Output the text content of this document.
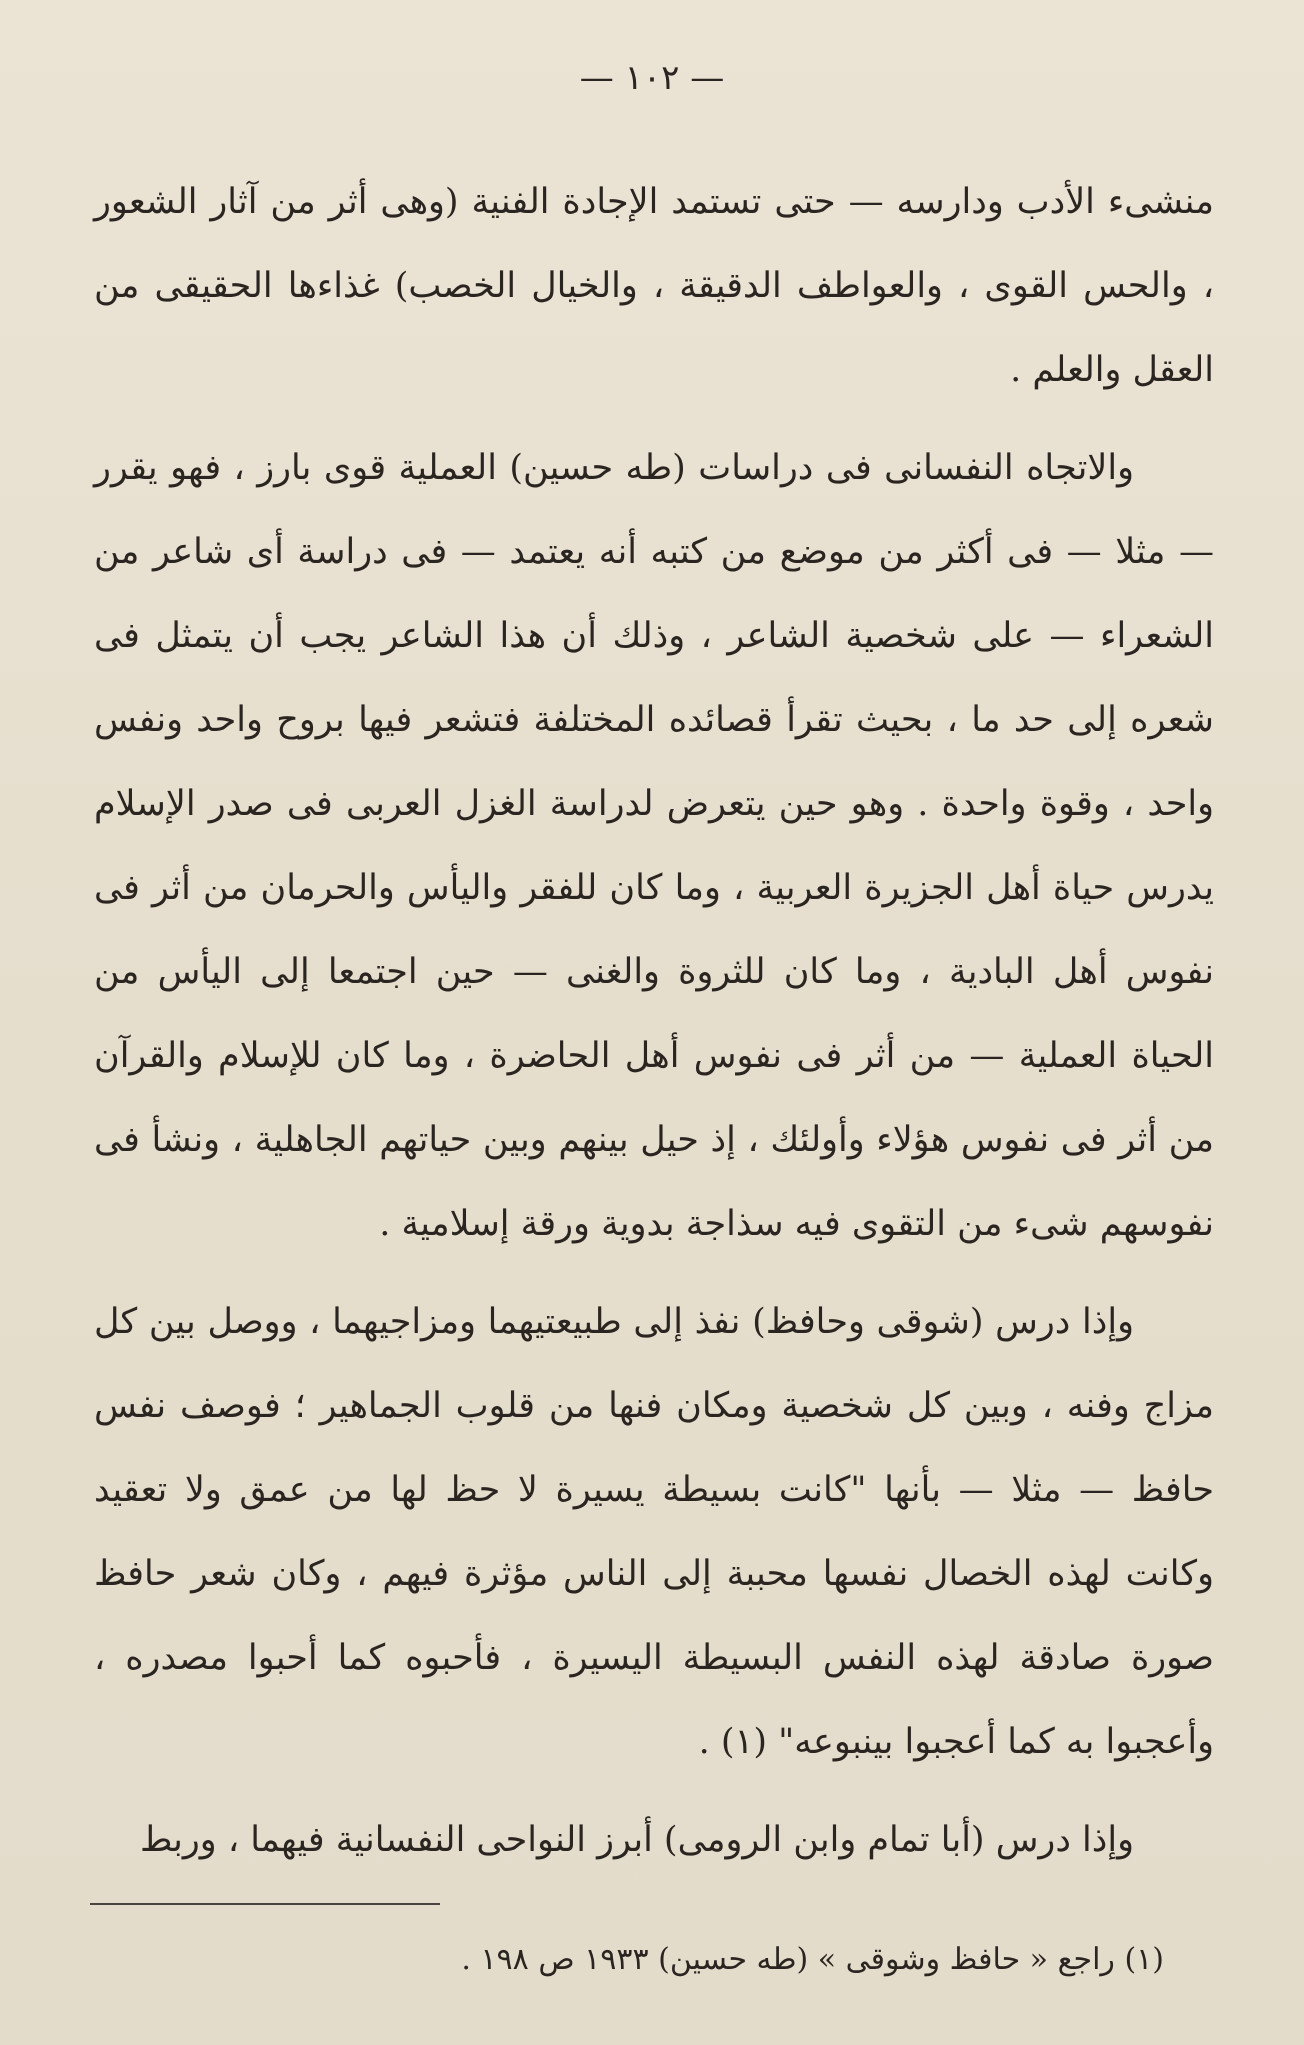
— ١٠٢ —

منشىء الأدب ودارسه — حتى تستمد الإجادة الفنية (وهى أثر من آثار الشعور ، والحس القوى ، والعواطف الدقيقة ، والخيال الخصب) غذاءها الحقيقى من العقل والعلم .

والاتجاه النفسانى فى دراسات (طه حسين) العملية قوى بارز ، فهو يقرر — مثلا — فى أكثر من موضع من كتبه أنه يعتمد — فى دراسة أى شاعر من الشعراء — على شخصية الشاعر ، وذلك أن هذا الشاعر يجب أن يتمثل فى شعره إلى حد ما ، بحيث تقرأ قصائده المختلفة فتشعر فيها بروح واحد ونفس واحد ، وقوة واحدة . وهو حين يتعرض لدراسة الغزل العربى فى صدر الإسلام يدرس حياة أهل الجزيرة العربية ، وما كان للفقر واليأس والحرمان من أثر فى نفوس أهل البادية ، وما كان للثروة والغنى — حين اجتمعا إلى اليأس من الحياة العملية — من أثر فى نفوس أهل الحاضرة ، وما كان للإسلام والقرآن من أثر فى نفوس هؤلاء وأولئك ، إذ حيل بينهم وبين حياتهم الجاهلية ، ونشأ فى نفوسهم شىء من التقوى فيه سذاجة بدوية ورقة إسلامية .

وإذا درس (شوقى وحافظ) نفذ إلى طبيعتيهما ومزاجيهما ، ووصل بين كل مزاج وفنه ، وبين كل شخصية ومكان فنها من قلوب الجماهير ؛ فوصف نفس حافظ — مثلا — بأنها "كانت بسيطة يسيرة لا حظ لها من عمق ولا تعقيد وكانت لهذه الخصال نفسها محببة إلى الناس مؤثرة فيهم ، وكان شعر حافظ صورة صادقة لهذه النفس البسيطة اليسيرة ، فأحبوه كما أحبوا مصدره ، وأعجبوا به كما أعجبوا بينبوعه" (١) .

وإذا درس (أبا تمام وابن الرومى) أبرز النواحى النفسانية فيهما ، وربط

(١) راجع « حافظ وشوقى » (طه حسين) ١٩٣٣ ص ١٩٨ .
